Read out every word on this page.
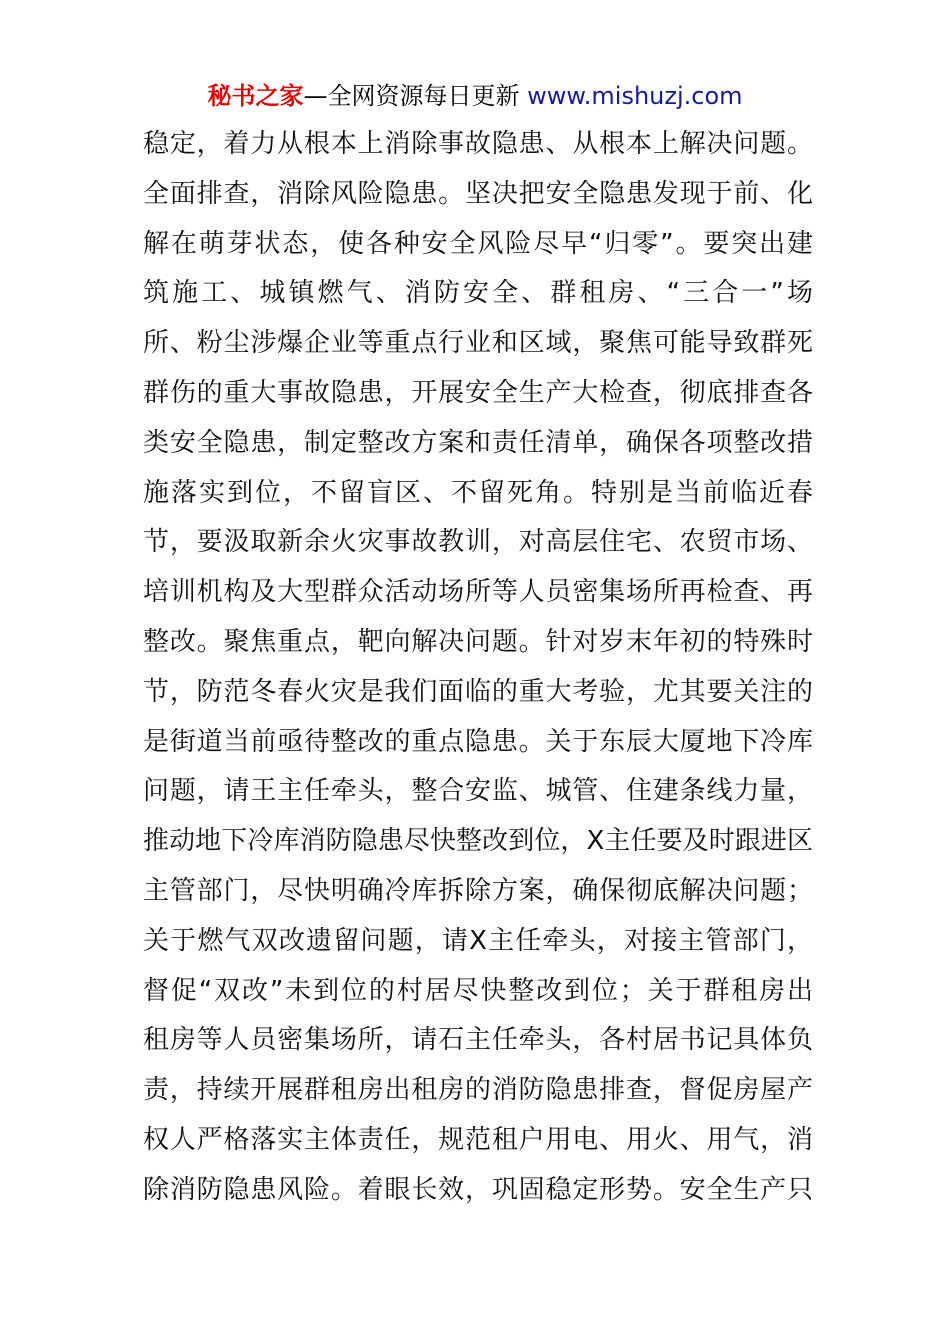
秘书之家—全网资源每日更新 www.mishuzj.com
稳定，着力从根本上消除事故隐患、从根本上解决问题。
全面排查，消除风险隐患。坚决把安全隐患发现于前、化
解在萌芽状态，使各种安全风险尽早“归零”。要突出建
筑施工、城镇燃气、消防安全、群租房、“三合一”场
所、粉尘涉爆企业等重点行业和区域，聚焦可能导致群死
群伤的重大事故隐患，开展安全生产大检查，彻底排查各
类安全隐患，制定整改方案和责任清单，确保各项整改措
施落实到位，不留盲区、不留死角。特别是当前临近春
节，要汲取新余火灾事故教训，对高层住宅、农贸市场、
培训机构及大型群众活动场所等人员密集场所再检查、再
整改。聚焦重点，靶向解决问题。针对岁末年初的特殊时
节，防范冬春火灾是我们面临的重大考验，尤其要关注的
是街道当前亟待整改的重点隐患。关于东辰大厦地下冷库
问题，请王主任牵头，整合安监、城管、住建条线力量，
推动地下冷库消防隐患尽快整改到位，X主任要及时跟进区
主管部门，尽快明确冷库拆除方案，确保彻底解决问题；
关于燃气双改遗留问题，请X主任牵头，对接主管部门，
督促“双改”未到位的村居尽快整改到位；关于群租房出
租房等人员密集场所，请石主任牵头，各村居书记具体负
责，持续开展群租房出租房的消防隐患排查，督促房屋产
权人严格落实主体责任，规范租户用电、用火、用气，消
除消防隐患风险。着眼长效，巩固稳定形势。安全生产只
